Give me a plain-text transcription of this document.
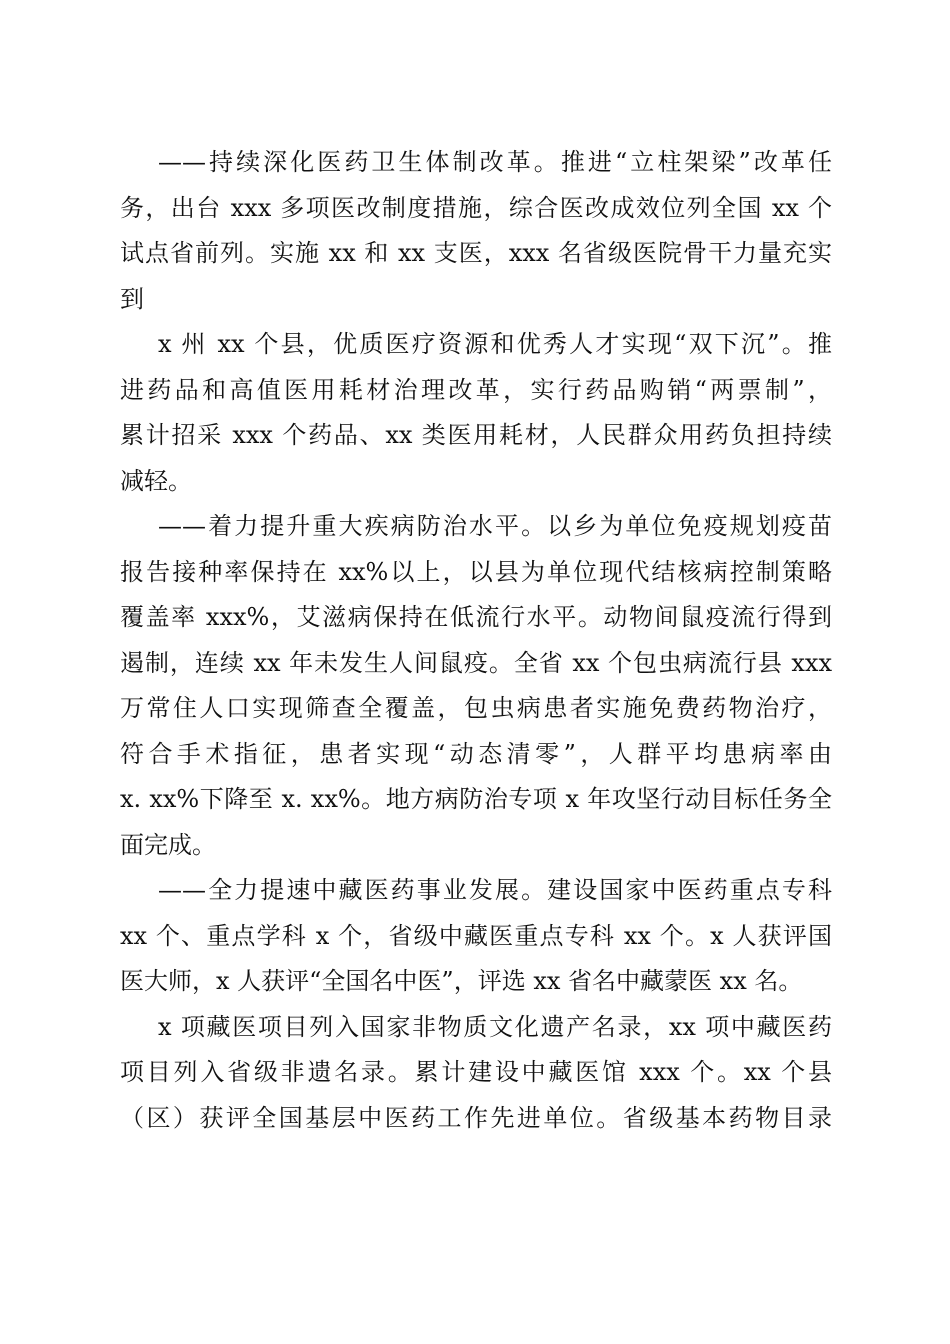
——持续深化医药卫生体制改革。推进“立柱架梁”改革任
务，出台 xxx 多项医改制度措施，综合医改成效位列全国 xx 个
试点省前列。实施 xx 和 xx 支医，xxx 名省级医院骨干力量充实
到
x 州 xx 个县，优质医疗资源和优秀人才实现“双下沉”。推
进药品和高值医用耗材治理改革，实行药品购销“两票制”，
累计招采 xxx 个药品、xx 类医用耗材，人民群众用药负担持续
减轻。
——着力提升重大疾病防治水平。以乡为单位免疫规划疫苗
报告接种率保持在 xx%以上，以县为单位现代结核病控制策略
覆盖率 xxx%，艾滋病保持在低流行水平。动物间鼠疫流行得到
遏制，连续 xx 年未发生人间鼠疫。全省 xx 个包虫病流行县 xxx
万常住人口实现筛查全覆盖，包虫病患者实施免费药物治疗，
符合手术指征，患者实现“动态清零”，人群平均患病率由
x. xx%下降至 x. xx%。地方病防治专项 x 年攻坚行动目标任务全
面完成。
——全力提速中藏医药事业发展。建设国家中医药重点专科
xx 个、重点学科 x 个，省级中藏医重点专科 xx 个。x 人获评国
医大师，x 人获评“全国名中医”，评选 xx 省名中藏蒙医 xx 名。
x 项藏医项目列入国家非物质文化遗产名录，xx 项中藏医药
项目列入省级非遗名录。累计建设中藏医馆 xxx 个。xx 个县
（区）获评全国基层中医药工作先进单位。省级基本药物目录
